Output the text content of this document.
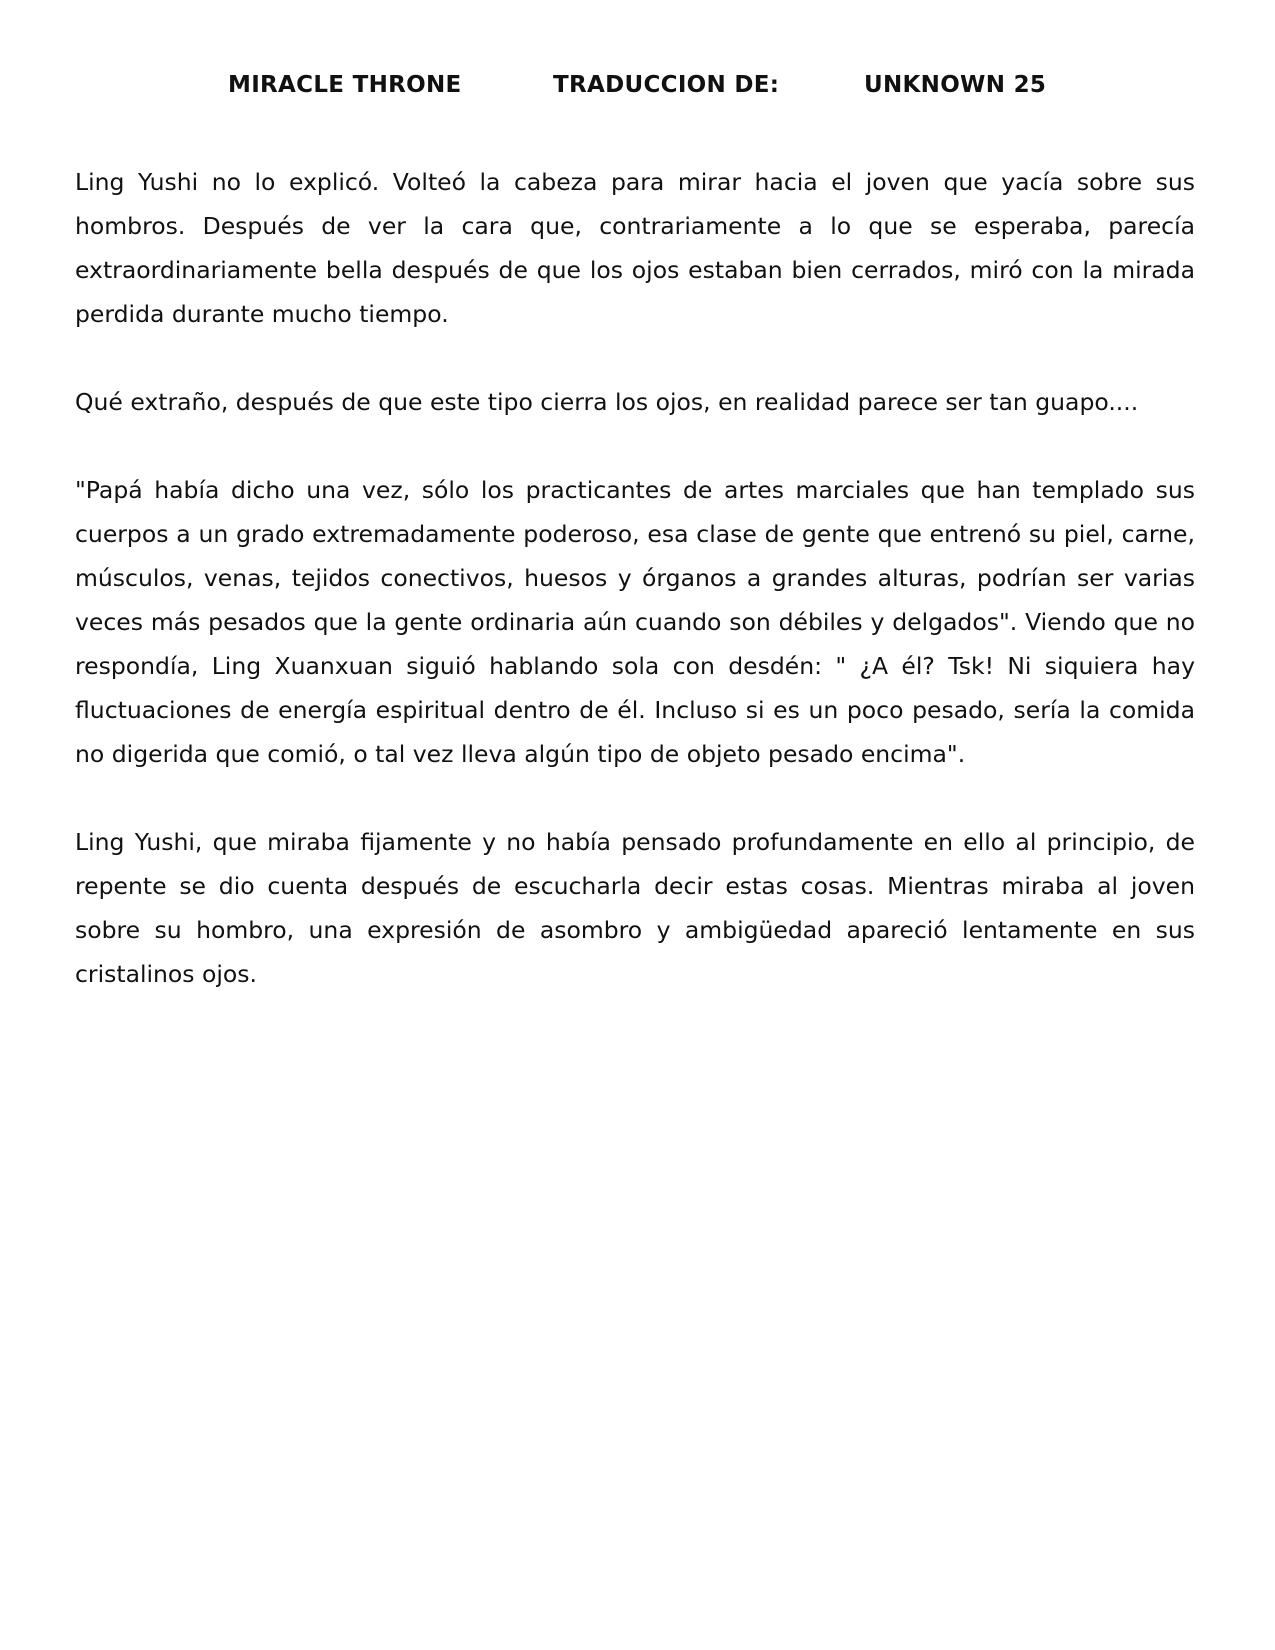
MIRACLE THRONE	TRADUCCION DE:	UNKNOWN 25

Ling Yushi no lo explicó. Volteó la cabeza para mirar hacia el joven que yacía sobre sus hombros. Después de ver la cara que, contrariamente a lo que se esperaba, parecía extraordinariamente bella después de que los ojos estaban bien cerrados, miró con la mirada perdida durante mucho tiempo.

Qué extraño, después de que este tipo cierra los ojos, en realidad parece ser tan guapo....

"Papá había dicho una vez, sólo los practicantes de artes marciales que han templado sus cuerpos a un grado extremadamente poderoso, esa clase de gente que entrenó su piel, carne, músculos, venas, tejidos conectivos, huesos y órganos a grandes alturas, podrían ser varias veces más pesados que la gente ordinaria aún cuando son débiles y delgados". Viendo que no respondía, Ling Xuanxuan siguió hablando sola con desdén: " ¿A él? Tsk! Ni siquiera hay fluctuaciones de energía espiritual dentro de él. Incluso si es un poco pesado, sería la comida no digerida que comió, o tal vez lleva algún tipo de objeto pesado encima".

Ling Yushi, que miraba fijamente y no había pensado profundamente en ello al principio, de repente se dio cuenta después de escucharla decir estas cosas. Mientras miraba al joven sobre su hombro, una expresión de asombro y ambigüedad apareció lentamente en sus cristalinos ojos.
